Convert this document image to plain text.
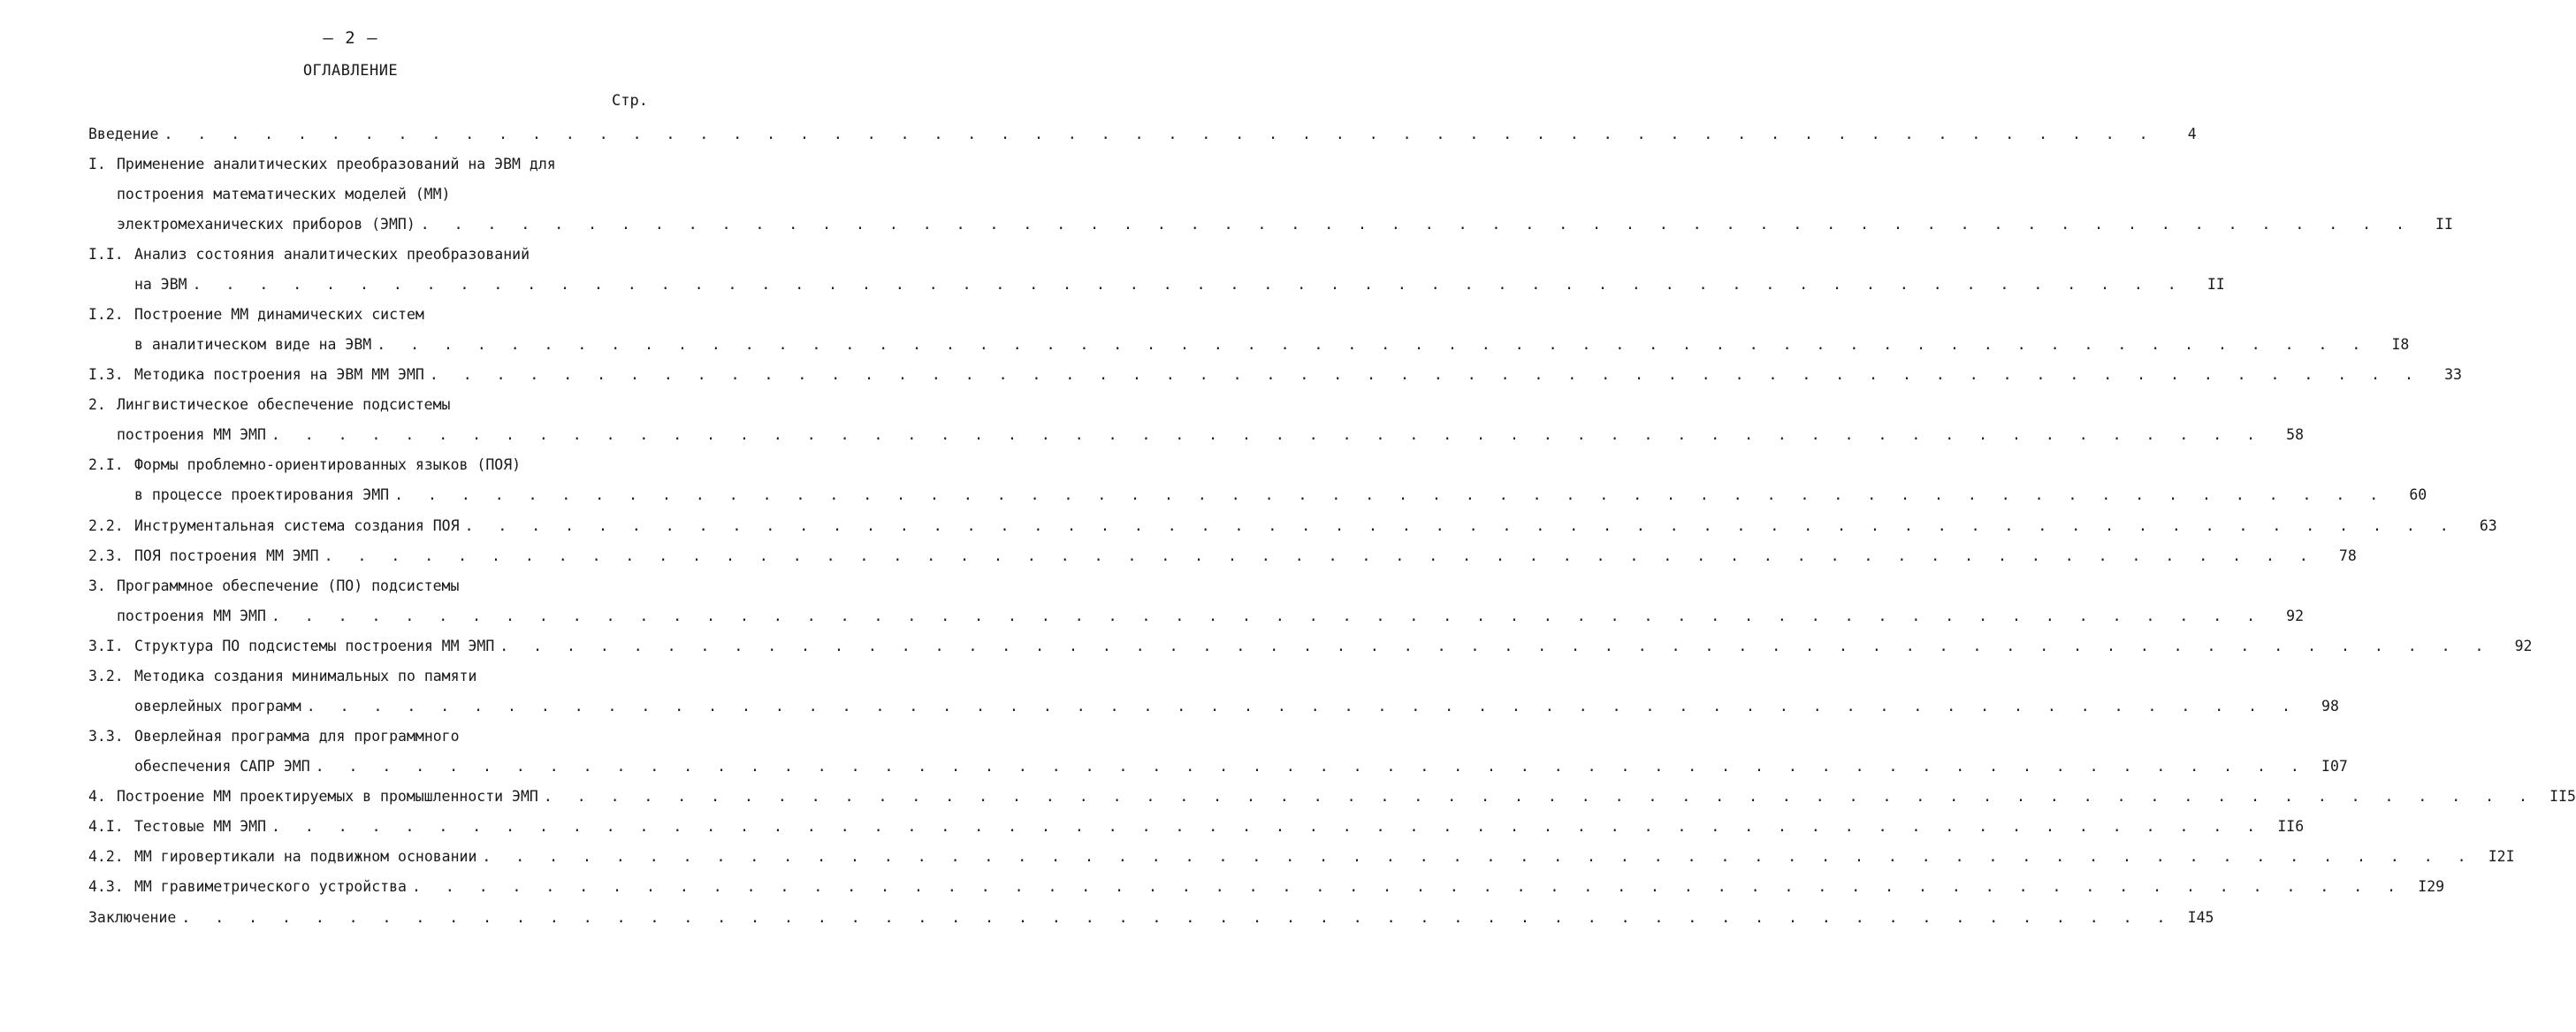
– 2 –
ОГЛАВЛЕНИЕ
Стр.
Введение . . . . . . . . . . . . . . . . . . . . . . . . . . . . . . . . . . . . . . . . . . . . . . . . . . . . . . . . . . . .	4
I. Применение аналитических преобразований на ЭВМ для
построения математических моделей (ММ)
электромеханических приборов (ЭМП) . . . . . . . . . . . . . . . . . . . . . . . . . . . . . . . . . . . . . . . . . . . . . . . . . . . . . . . . . . . .	II
I.I. Анализ состояния аналитических преобразований
на ЭВМ . . . . . . . . . . . . . . . . . . . . . . . . . . . . . . . . . . . . . . . . . . . . . . . . . . . . . . . . . . . .	II
I.2. Построение ММ динамических систем
в аналитическом виде на ЭВМ . . . . . . . . . . . . . . . . . . . . . . . . . . . . . . . . . . . . . . . . . . . . . . . . . . . . . . . . . . . .	I8
I.3. Методика построения на ЭВМ ММ ЭМП . . . . . . . . . . . . . . . . . . . . . . . . . . . . . . . . . . . . . . . . . . . . . . . . . . . . . . . . . . . .	33
2. Лингвистическое обеспечение подсистемы
построения ММ ЭМП . . . . . . . . . . . . . . . . . . . . . . . . . . . . . . . . . . . . . . . . . . . . . . . . . . . . . . . . . . . .	58
2.I. Формы проблемно-ориентированных языков (ПОЯ)
в процессе проектирования ЭМП . . . . . . . . . . . . . . . . . . . . . . . . . . . . . . . . . . . . . . . . . . . . . . . . . . . . . . . . . . . .	60
2.2. Инструментальная система создания ПОЯ . . . . . . . . . . . . . . . . . . . . . . . . . . . . . . . . . . . . . . . . . . . . . . . . . . . . . . . . . . . .	63
2.3. ПОЯ построения ММ ЭМП . . . . . . . . . . . . . . . . . . . . . . . . . . . . . . . . . . . . . . . . . . . . . . . . . . . . . . . . . . . .	78
3. Программное обеспечение (ПО) подсистемы
построения ММ ЭМП . . . . . . . . . . . . . . . . . . . . . . . . . . . . . . . . . . . . . . . . . . . . . . . . . . . . . . . . . . . .	92
3.I. Структура ПО подсистемы построения ММ ЭМП . . . . . . . . . . . . . . . . . . . . . . . . . . . . . . . . . . . . . . . . . . . . . . . . . . . . . . . . . . . .	92
3.2. Методика создания минимальных по памяти
оверлейных программ . . . . . . . . . . . . . . . . . . . . . . . . . . . . . . . . . . . . . . . . . . . . . . . . . . . . . . . . . . . .	98
3.3. Оверлейная программа для программного
обеспечения САПР ЭМП . . . . . . . . . . . . . . . . . . . . . . . . . . . . . . . . . . . . . . . . . . . . . . . . . . . . . . . . . . . . I07
4. Построение ММ проектируемых в промышленности ЭМП . . . . . . . . . . . . . . . . . . . . . . . . . . . . . . . . . . . . . . . . . . . . . . . . . . . . . . . . . . . . II5
4.I. Тестовые ММ ЭМП . . . . . . . . . . . . . . . . . . . . . . . . . . . . . . . . . . . . . . . . . . . . . . . . . . . . . . . . . . . . II6
4.2. ММ гировертикали на подвижном основании . . . . . . . . . . . . . . . . . . . . . . . . . . . . . . . . . . . . . . . . . . . . . . . . . . . . . . . . . . . . I2I
4.3. ММ гравиметрического устройства . . . . . . . . . . . . . . . . . . . . . . . . . . . . . . . . . . . . . . . . . . . . . . . . . . . . . . . . . . . . I29
Заключение . . . . . . . . . . . . . . . . . . . . . . . . . . . . . . . . . . . . . . . . . . . . . . . . . . . . . . . . . . . . I45
